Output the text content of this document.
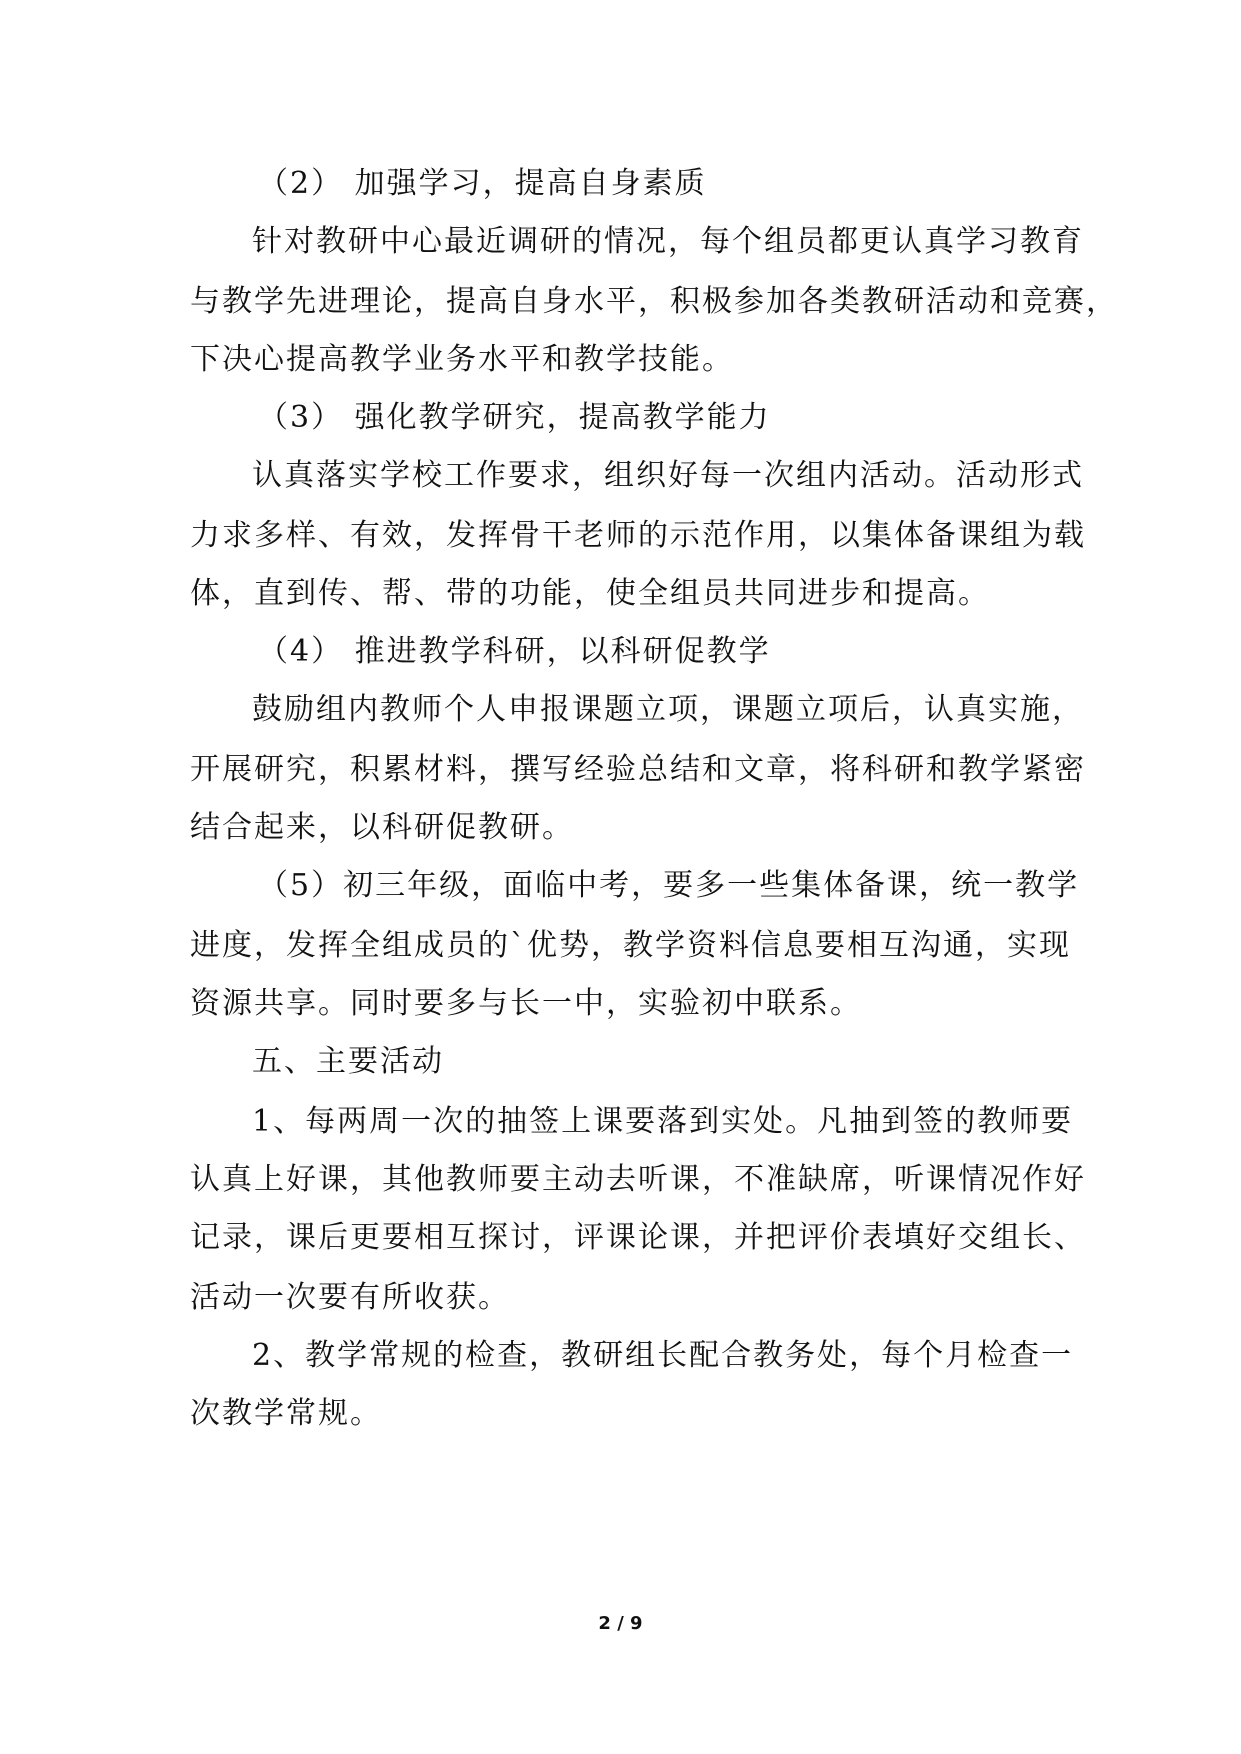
（2） 加强学习，提高自身素质

针对教研中心最近调研的情况，每个组员都更认真学习教育

与教学先进理论，提高自身水平，积极参加各类教研活动和竞赛，

下决心提高教学业务水平和教学技能。

（3） 强化教学研究，提高教学能力

认真落实学校工作要求，组织好每一次组内活动。活动形式

力求多样、有效，发挥骨干老师的示范作用，以集体备课组为载

体，直到传、帮、带的功能，使全组员共同进步和提高。

（4） 推进教学科研，以科研促教学

鼓励组内教师个人申报课题立项，课题立项后，认真实施，

开展研究，积累材料，撰写经验总结和文章，将科研和教学紧密

结合起来，以科研促教研。

（5）初三年级，面临中考，要多一些集体备课，统一教学

进度，发挥全组成员的`优势，教学资料信息要相互沟通，实现

资源共享。同时要多与长一中，实验初中联系。

五、主要活动

1、每两周一次的抽签上课要落到实处。凡抽到签的教师要

认真上好课，其他教师要主动去听课，不准缺席，听课情况作好

记录，课后更要相互探讨，评课论课，并把评价表填好交组长、

活动一次要有所收获。

2、教学常规的检查，教研组长配合教务处，每个月检查一

次教学常规。

2 / 9
